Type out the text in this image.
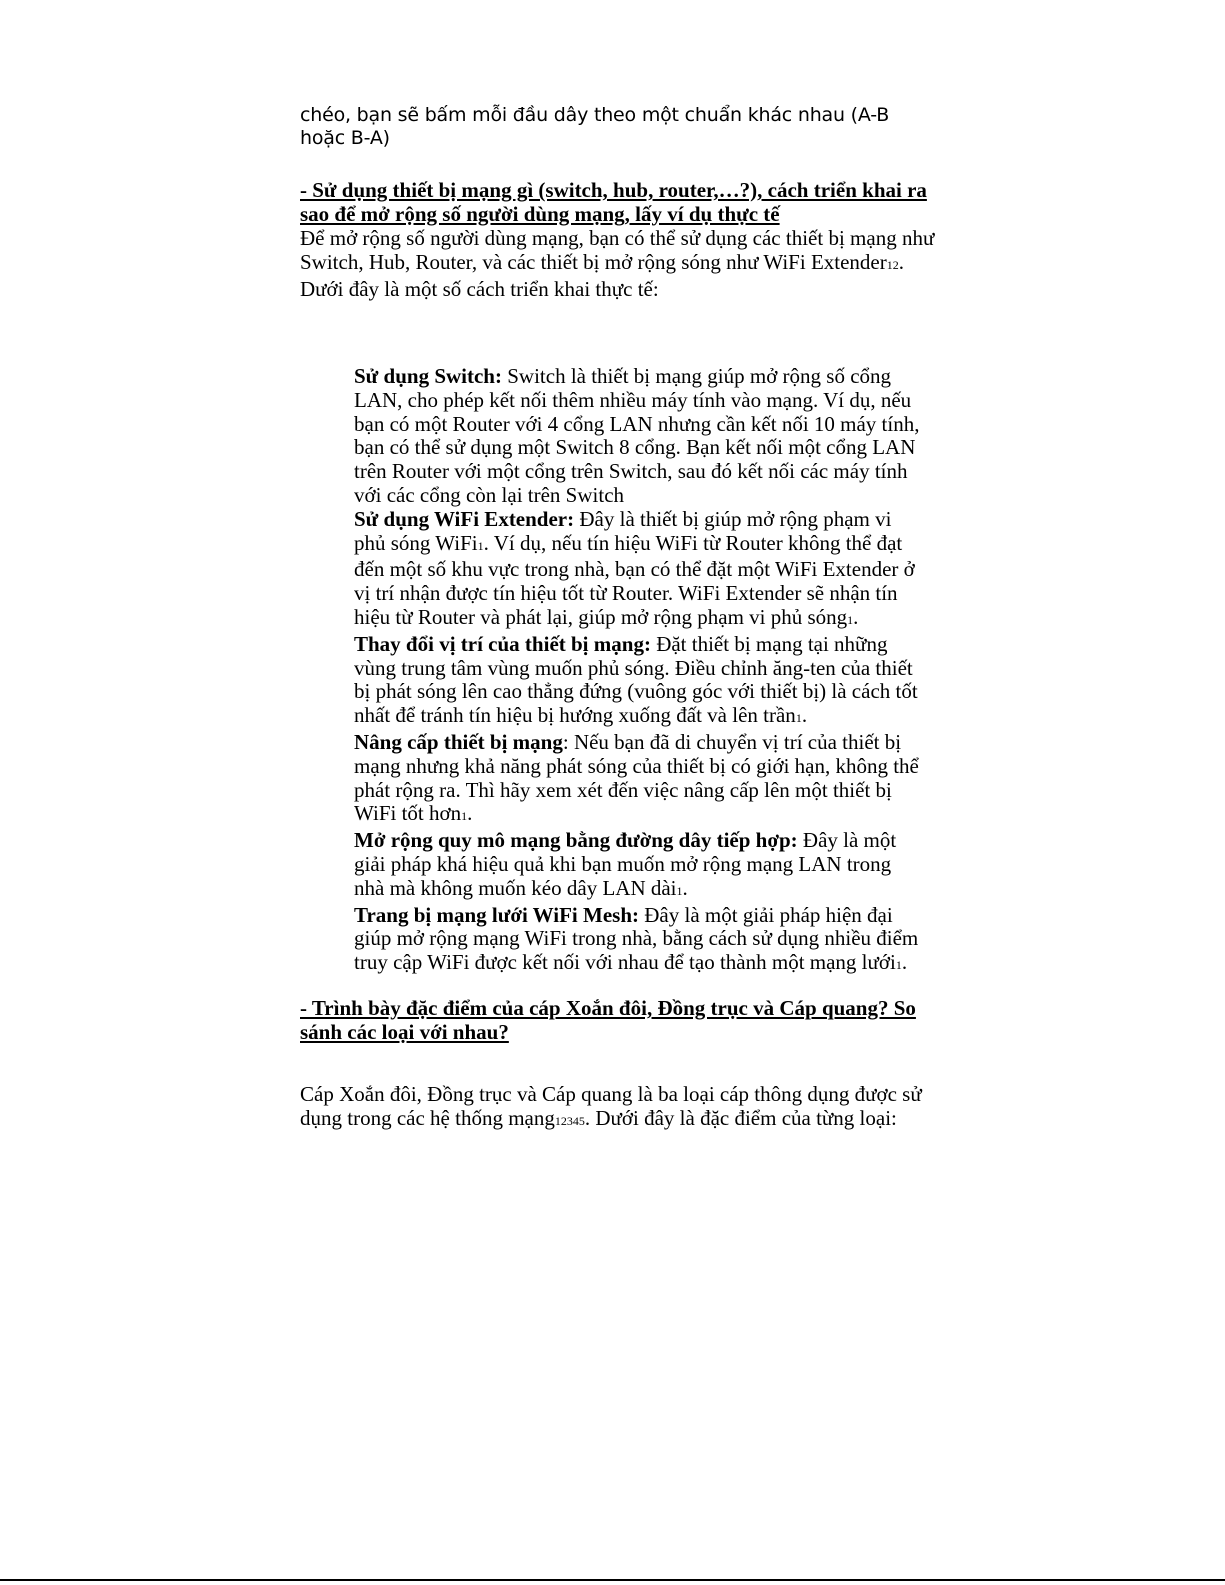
chéo, bạn sẽ bấm mỗi đầu dây theo một chuẩn khác nhau (A-B
hoặc B-A)
- Sử dụng thiết bị mạng gì (switch, hub, router,…?), cách triển khai ra sao để mở rộng số người dùng mạng, lấy ví dụ thực tế
Để mở rộng số người dùng mạng, bạn có thể sử dụng các thiết bị mạng như Switch, Hub, Router, và các thiết bị mở rộng sóng như WiFi Extender12. Dưới đây là một số cách triển khai thực tế:
Sử dụng Switch: Switch là thiết bị mạng giúp mở rộng số cổng LAN, cho phép kết nối thêm nhiều máy tính vào mạng. Ví dụ, nếu bạn có một Router với 4 cổng LAN nhưng cần kết nối 10 máy tính, bạn có thể sử dụng một Switch 8 cổng. Bạn kết nối một cổng LAN trên Router với một cổng trên Switch, sau đó kết nối các máy tính với các cổng còn lại trên Switch
Sử dụng WiFi Extender: Đây là thiết bị giúp mở rộng phạm vi phủ sóng WiFi1. Ví dụ, nếu tín hiệu WiFi từ Router không thể đạt đến một số khu vực trong nhà, bạn có thể đặt một WiFi Extender ở vị trí nhận được tín hiệu tốt từ Router. WiFi Extender sẽ nhận tín hiệu từ Router và phát lại, giúp mở rộng phạm vi phủ sóng1.
Thay đổi vị trí của thiết bị mạng: Đặt thiết bị mạng tại những vùng trung tâm vùng muốn phủ sóng. Điều chỉnh ăng-ten của thiết bị phát sóng lên cao thẳng đứng (vuông góc với thiết bị) là cách tốt nhất để tránh tín hiệu bị hướng xuống đất và lên trần1.
Nâng cấp thiết bị mạng: Nếu bạn đã di chuyển vị trí của thiết bị mạng nhưng khả năng phát sóng của thiết bị có giới hạn, không thể phát rộng ra. Thì hãy xem xét đến việc nâng cấp lên một thiết bị WiFi tốt hơn1.
Mở rộng quy mô mạng bằng đường dây tiếp hợp: Đây là một giải pháp khá hiệu quả khi bạn muốn mở rộng mạng LAN trong nhà mà không muốn kéo dây LAN dài1.
Trang bị mạng lưới WiFi Mesh: Đây là một giải pháp hiện đại giúp mở rộng mạng WiFi trong nhà, bằng cách sử dụng nhiều điểm truy cập WiFi được kết nối với nhau để tạo thành một mạng lưới1.
- Trình bày đặc điểm của cáp Xoắn đôi, Đồng trục và Cáp quang? So sánh các loại với nhau?
Cáp Xoắn đôi, Đồng trục và Cáp quang là ba loại cáp thông dụng được sử dụng trong các hệ thống mạng12345. Dưới đây là đặc điểm của từng loại:
